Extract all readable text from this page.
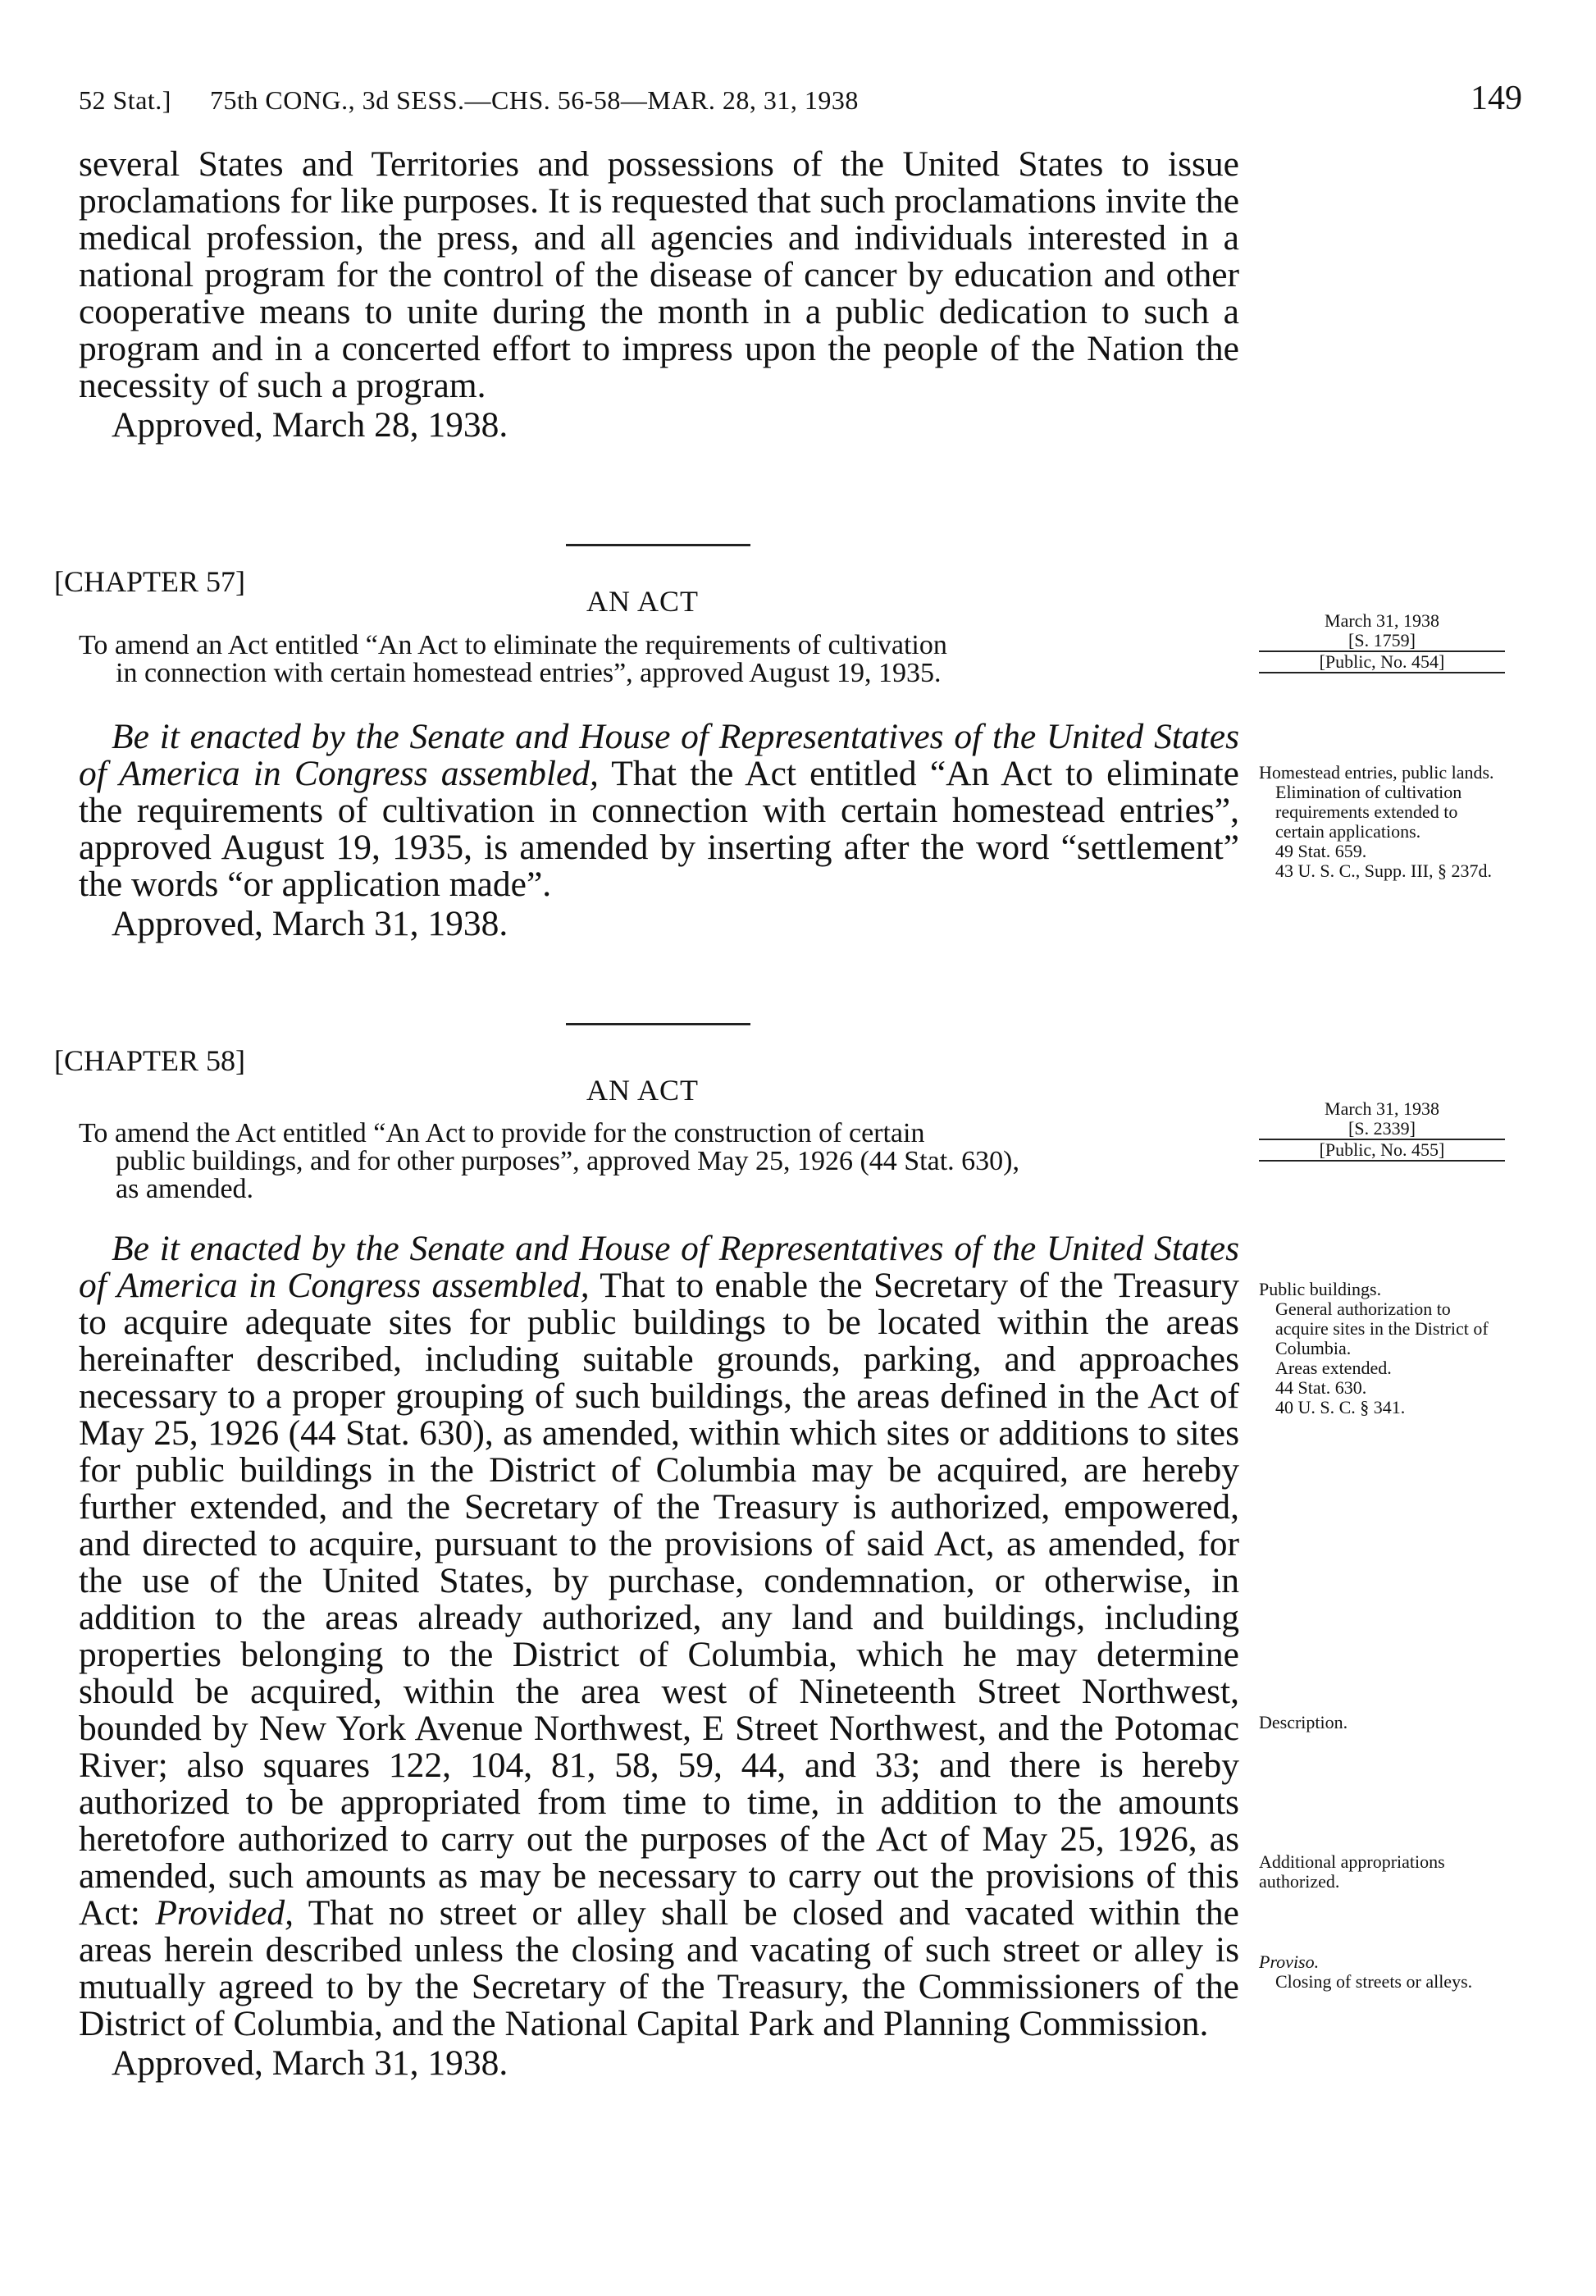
52 Stat.] 75th CONG., 3d SESS.—CHS. 56-58—MAR. 28, 31, 1938	149

several States and Territories and possessions of the United States to issue proclamations for like purposes. It is requested that such proclamations invite the medical profession, the press, and all agencies and individuals interested in a national program for the control of the disease of cancer by education and other cooperative means to unite during the month in a public dedication to such a program and in a concerted effort to impress upon the people of the Nation the necessity of such a program.

Approved, March 28, 1938.

[CHAPTER 57]
AN ACT
To amend an Act entitled “An Act to eliminate the requirements of cultivation
in connection with certain homestead entries”, approved August 19, 1935.
March 31, 1938
[S. 1759]
[Public, No. 454]

Be it enacted by the Senate and House of Representatives of the United States of America in Congress assembled, That the Act entitled “An Act to eliminate the requirements of cultivation in connection with certain homestead entries”, approved August 19, 1935, is amended by inserting after the word “settlement” the words “or application made”.

Approved, March 31, 1938.

Homestead entries, public lands.

Elimination of cultivation requirements extended to certain applications.

49 Stat. 659.

43 U. S. C., Supp. III, § 237d.

[CHAPTER 58]
AN ACT
To amend the Act entitled “An Act to provide for the construction of certain
public buildings, and for other purposes”, approved May 25, 1926 (44 Stat. 630),
as amended.
March 31, 1938
[S. 2339]
[Public, No. 455]

Be it enacted by the Senate and House of Representatives of the United States of America in Congress assembled, That to enable the Secretary of the Treasury to acquire adequate sites for public buildings to be located within the areas hereinafter described, including suitable grounds, parking, and approaches necessary to a proper grouping of such buildings, the areas defined in the Act of May 25, 1926 (44 Stat. 630), as amended, within which sites or additions to sites for public buildings in the District of Columbia may be acquired, are hereby further extended, and the Secretary of the Treasury is authorized, empowered, and directed to acquire, pursuant to the provisions of said Act, as amended, for the use of the United States, by purchase, condemnation, or otherwise, in addition to the areas already authorized, any land and buildings, including properties belonging to the District of Columbia, which he may determine should be acquired, within the area west of Nineteenth Street Northwest, bounded by New York Avenue Northwest, E Street Northwest, and the Potomac River; also squares 122, 104, 81, 58, 59, 44, and 33; and there is hereby authorized to be appropriated from time to time, in addition to the amounts heretofore authorized to carry out the purposes of the Act of May 25, 1926, as amended, such amounts as may be necessary to carry out the provisions of this Act: Provided, That no street or alley shall be closed and vacated within the areas herein described unless the closing and vacating of such street or alley is mutually agreed to by the Secretary of the Treasury, the Commissioners of the District of Columbia, and the National Capital Park and Planning Commission.

Approved, March 31, 1938.

Public buildings.

General authorization to acquire sites in the District of Columbia.

Areas extended.

44 Stat. 630.

40 U. S. C. § 341.

Description.
Additional appropriations authorized.

Proviso.

Closing of streets or alleys.
